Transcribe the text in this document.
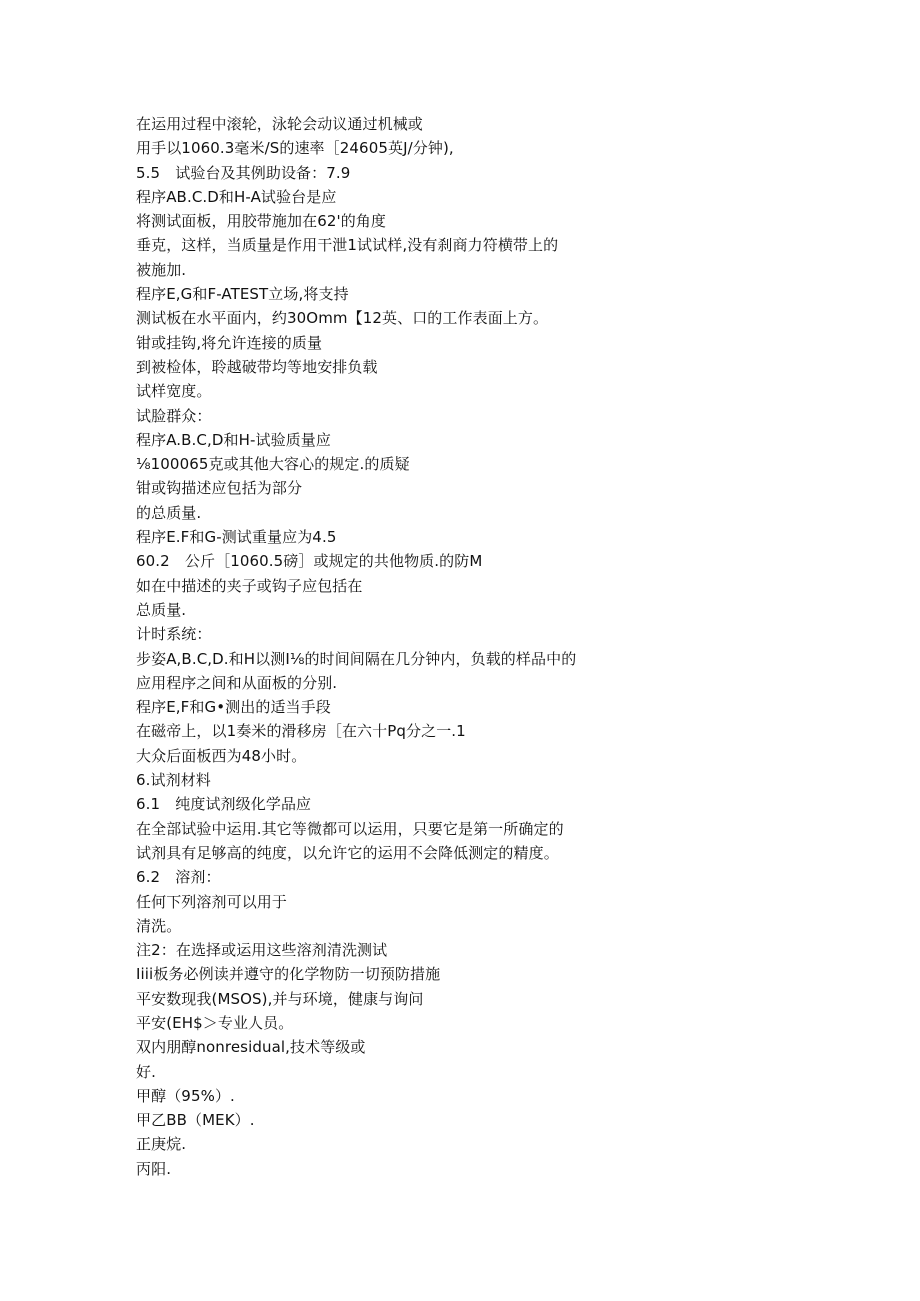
在运用过程中滚轮，泳轮会动议通过机械或
用手以1060.3毫米/S的速率［24605英J/分钟),
5.5　试验台及其例助设备：7.9
程序AB.C.D和H-A试验台是应
将测试面板，用胶带施加在62'的角度
垂克，这样，当质量是作用干泄1试试样,没有刹商力符横带上的
被施加.
程序E,G和F-ATEST立场,将支持
测试板在水平面内，约30Omm【12英、口的工作表面上方。
钳或挂钩,将允许连接的质量
到被检体，聆越破带均等地安排负载
试样宽度。
试脸群众：
程序A.B.C,D和H-试验质量应
⅛100065克或其他大容心的规定.的质疑
钳或钩描述应包括为部分
的总质量.
程序E.F和G-测试重量应为4.5
60.2　公斤［1060.5磅］或规定的共他物质.的防M
如在中描述的夹子或钩子应包括在
总质量.
计时系统：
步姿A,B.C,D.和H以测I⅛的时间间隔在几分钟内，负载的样品中的
应用程序之间和从面板的分别.
程序E,F和G•测出的适当手段
在磁帝上，以1奏米的滑移房［在六十Pq分之一.1
大众后面板西为48小时。
6.试剂材料
6.1　纯度试剂级化学品应
在全部试验中运用.其它等微都可以运用，只要它是第一所确定的
试剂具有足够高的纯度，以允许它的运用不会降低测定的精度。
6.2　溶剂：
任何下列溶剂可以用于
清洗。
注2：在选择或运用这些溶剂清洗测试
Iiii板务必例读并遵守的化学物防一切预防措施
平安数现我(MSOS),并与环境，健康与询问
平安(EH$＞专业人员。
双内朋醇nonresidual,技术等级或
好.
甲醇（95%）.
甲乙BB（MEK）.
正庚烷.
丙阳.
